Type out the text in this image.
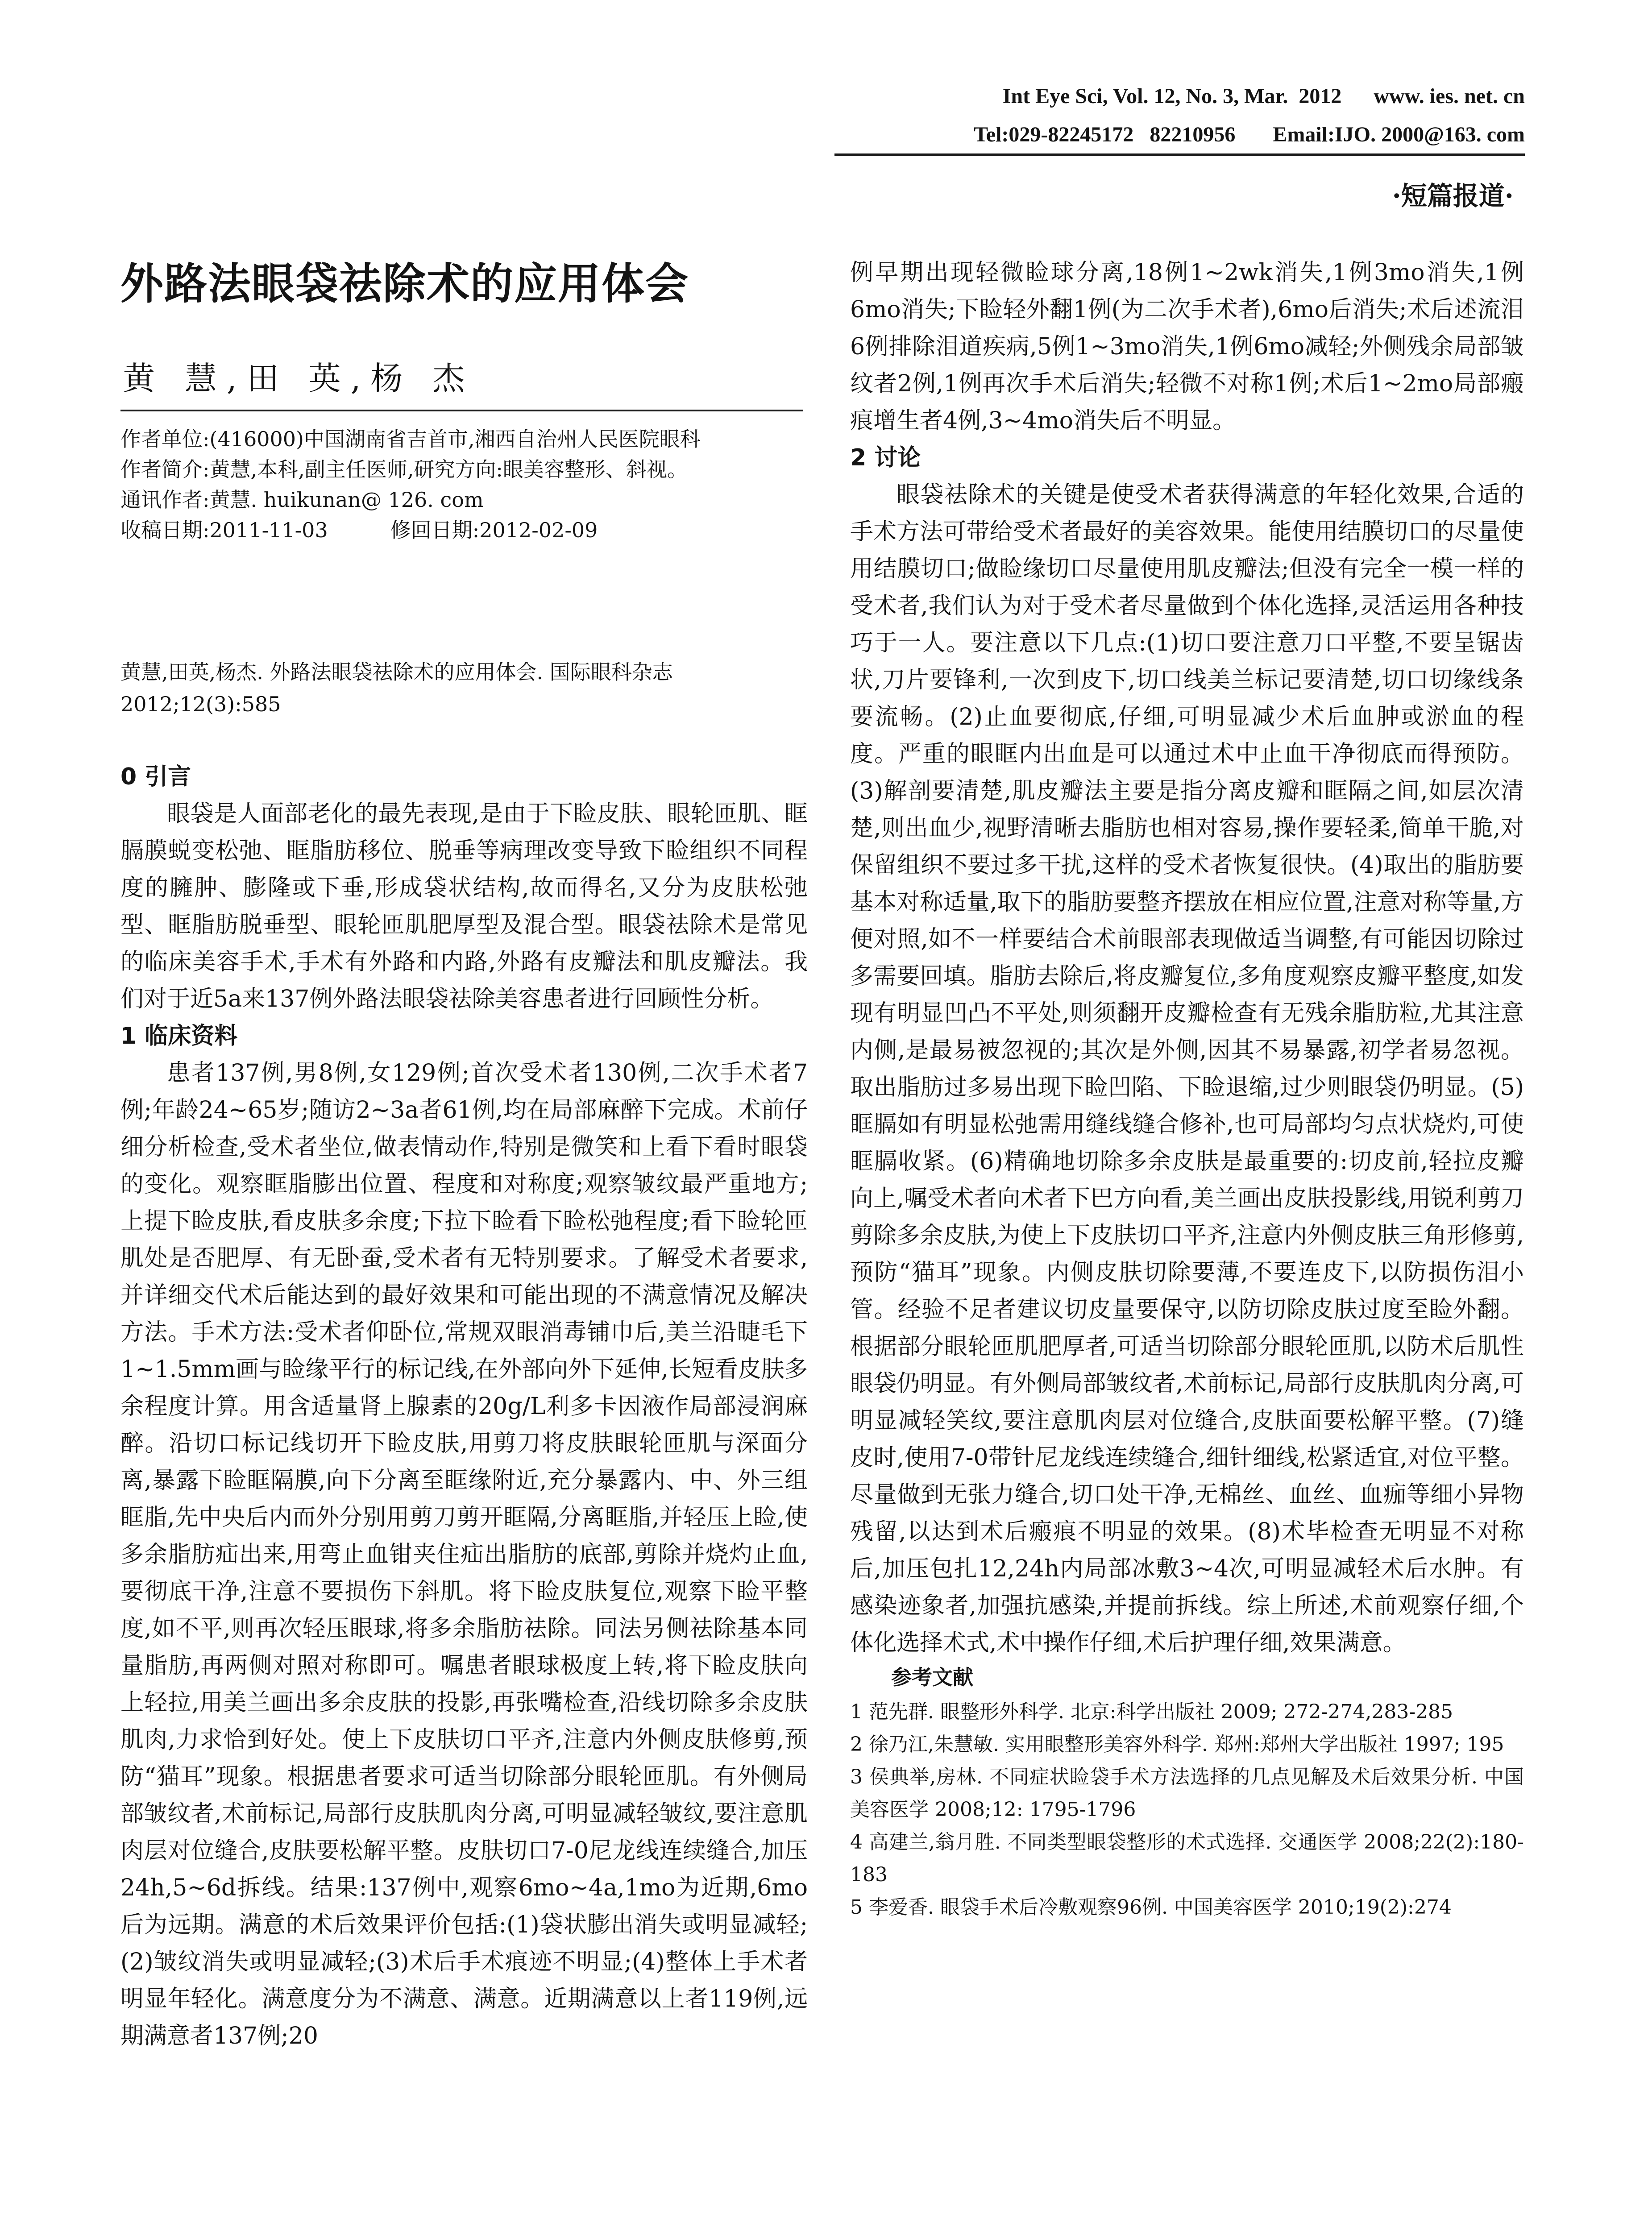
Int Eye Sci, Vol. 12, No. 3, Mar.  2012      www. ies. net. cn
Tel:029-82245172   82210956       Email:IJO. 2000@163. com
·短篇报道·
外路法眼袋祛除术的应用体会
黄 慧,田 英,杨 杰

作者单位:(416000)中国湖南省吉首市,湘西自治州人民医院眼科

作者简介:黄慧,本科,副主任医师,研究方向:眼美容整形、斜视。

通讯作者:黄慧. huikunan@ 126. com

收稿日期:2011-11-03	修回日期:2012-02-09

黄慧,田英,杨杰. 外路法眼袋祛除术的应用体会. 国际眼科杂志 2012;12(3):585

0 引言

眼袋是人面部老化的最先表现,是由于下睑皮肤、眼轮匝肌、眶膈膜蜕变松弛、眶脂肪移位、脱垂等病理改变导致下睑组织不同程度的臃肿、膨隆或下垂,形成袋状结构,故而得名,又分为皮肤松弛型、眶脂肪脱垂型、眼轮匝肌肥厚型及混合型。眼袋祛除术是常见的临床美容手术,手术有外路和内路,外路有皮瓣法和肌皮瓣法。我们对于近5a来137例外路法眼袋祛除美容患者进行回顾性分析。

1 临床资料

患者137例,男8例,女129例;首次受术者130例,二次手术者7例;年龄24~65岁;随访2~3a者61例,均在局部麻醉下完成。术前仔细分析检查,受术者坐位,做表情动作,特别是微笑和上看下看时眼袋的变化。观察眶脂膨出位置、程度和对称度;观察皱纹最严重地方;上提下睑皮肤,看皮肤多余度;下拉下睑看下睑松弛程度;看下睑轮匝肌处是否肥厚、有无卧蚕,受术者有无特别要求。了解受术者要求,并详细交代术后能达到的最好效果和可能出现的不满意情况及解决方法。手术方法:受术者仰卧位,常规双眼消毒铺巾后,美兰沿睫毛下1~1.5mm画与睑缘平行的标记线,在外部向外下延伸,长短看皮肤多余程度计算。用含适量肾上腺素的20g/L利多卡因液作局部浸润麻醉。沿切口标记线切开下睑皮肤,用剪刀将皮肤眼轮匝肌与深面分离,暴露下睑眶隔膜,向下分离至眶缘附近,充分暴露内、中、外三组眶脂,先中央后内而外分别用剪刀剪开眶隔,分离眶脂,并轻压上睑,使多余脂肪疝出来,用弯止血钳夹住疝出脂肪的底部,剪除并烧灼止血,要彻底干净,注意不要损伤下斜肌。将下睑皮肤复位,观察下睑平整度,如不平,则再次轻压眼球,将多余脂肪祛除。同法另侧祛除基本同量脂肪,再两侧对照对称即可。嘱患者眼球极度上转,将下睑皮肤向上轻拉,用美兰画出多余皮肤的投影,再张嘴检查,沿线切除多余皮肤肌肉,力求恰到好处。使上下皮肤切口平齐,注意内外侧皮肤修剪,预防“猫耳”现象。根据患者要求可适当切除部分眼轮匝肌。有外侧局部皱纹者,术前标记,局部行皮肤肌肉分离,可明显减轻皱纹,要注意肌肉层对位缝合,皮肤要松解平整。皮肤切口7-0尼龙线连续缝合,加压24h,5~6d拆线。结果:137例中,观察6mo~4a,1mo为近期,6mo后为远期。满意的术后效果评价包括:(1)袋状膨出消失或明显减轻;(2)皱纹消失或明显减轻;(3)术后手术痕迹不明显;(4)整体上手术者明显年轻化。满意度分为不满意、满意。近期满意以上者119例,远期满意者137例;20

例早期出现轻微睑球分离,18例1~2wk消失,1例3mo消失,1例6mo消失;下睑轻外翻1例(为二次手术者),6mo后消失;术后述流泪6例排除泪道疾病,5例1~3mo消失,1例6mo减轻;外侧残余局部皱纹者2例,1例再次手术后消失;轻微不对称1例;术后1~2mo局部瘢痕增生者4例,3~4mo消失后不明显。

2 讨论

眼袋祛除术的关键是使受术者获得满意的年轻化效果,合适的手术方法可带给受术者最好的美容效果。能使用结膜切口的尽量使用结膜切口;做睑缘切口尽量使用肌皮瓣法;但没有完全一模一样的受术者,我们认为对于受术者尽量做到个体化选择,灵活运用各种技巧于一人。要注意以下几点:(1)切口要注意刀口平整,不要呈锯齿状,刀片要锋利,一次到皮下,切口线美兰标记要清楚,切口切缘线条要流畅。(2)止血要彻底,仔细,可明显减少术后血肿或淤血的程度。严重的眼眶内出血是可以通过术中止血干净彻底而得预防。(3)解剖要清楚,肌皮瓣法主要是指分离皮瓣和眶隔之间,如层次清楚,则出血少,视野清晰去脂肪也相对容易,操作要轻柔,简单干脆,对保留组织不要过多干扰,这样的受术者恢复很快。(4)取出的脂肪要基本对称适量,取下的脂肪要整齐摆放在相应位置,注意对称等量,方便对照,如不一样要结合术前眼部表现做适当调整,有可能因切除过多需要回填。脂肪去除后,将皮瓣复位,多角度观察皮瓣平整度,如发现有明显凹凸不平处,则须翻开皮瓣检查有无残余脂肪粒,尤其注意内侧,是最易被忽视的;其次是外侧,因其不易暴露,初学者易忽视。取出脂肪过多易出现下睑凹陷、下睑退缩,过少则眼袋仍明显。(5)眶膈如有明显松弛需用缝线缝合修补,也可局部均匀点状烧灼,可使眶膈收紧。(6)精确地切除多余皮肤是最重要的:切皮前,轻拉皮瓣向上,嘱受术者向术者下巴方向看,美兰画出皮肤投影线,用锐利剪刀剪除多余皮肤,为使上下皮肤切口平齐,注意内外侧皮肤三角形修剪,预防“猫耳”现象。内侧皮肤切除要薄,不要连皮下,以防损伤泪小管。经验不足者建议切皮量要保守,以防切除皮肤过度至睑外翻。根据部分眼轮匝肌肥厚者,可适当切除部分眼轮匝肌,以防术后肌性眼袋仍明显。有外侧局部皱纹者,术前标记,局部行皮肤肌肉分离,可明显减轻笑纹,要注意肌肉层对位缝合,皮肤面要松解平整。(7)缝皮时,使用7-0带针尼龙线连续缝合,细针细线,松紧适宜,对位平整。尽量做到无张力缝合,切口处干净,无棉丝、血丝、血痂等细小异物残留,以达到术后瘢痕不明显的效果。(8)术毕检查无明显不对称后,加压包扎12,24h内局部冰敷3~4次,可明显减轻术后水肿。有感染迹象者,加强抗感染,并提前拆线。综上所述,术前观察仔细,个体化选择术式,术中操作仔细,术后护理仔细,效果满意。

参考文献

1 范先群. 眼整形外科学. 北京:科学出版社 2009; 272-274,283-285

2 徐乃江,朱慧敏. 实用眼整形美容外科学. 郑州:郑州大学出版社 1997; 195

3 侯典举,房林. 不同症状睑袋手术方法选择的几点见解及术后效果分析. 中国美容医学 2008;12: 1795-1796

4 高建兰,翁月胜. 不同类型眼袋整形的术式选择. 交通医学 2008;22(2):180-183

5 李爱香. 眼袋手术后冷敷观察96例. 中国美容医学 2010;19(2):274
